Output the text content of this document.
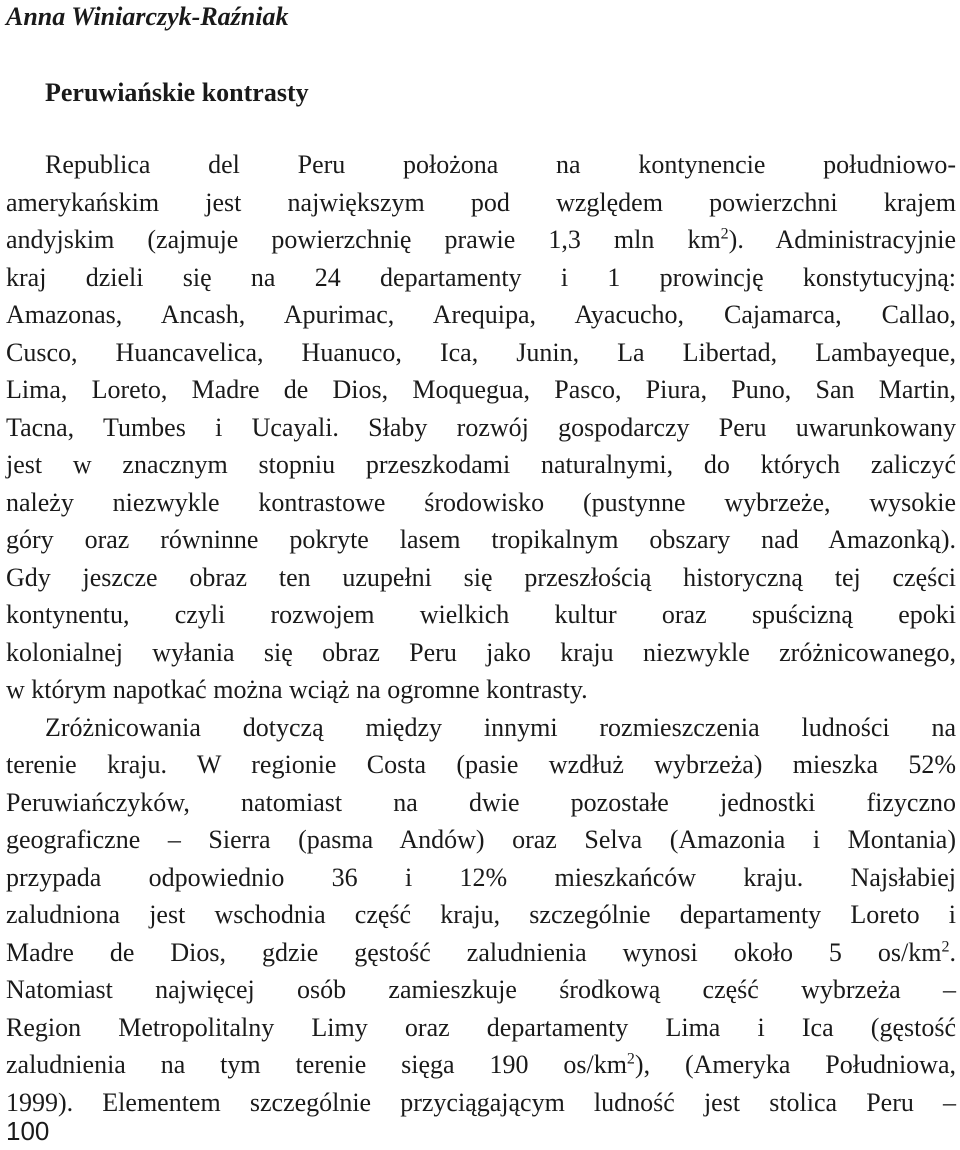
Anna Winiarczyk-Raźniak
Peruwiańskie kontrasty
Republica del Peru położona na kontynencie południowo-
amerykańskim jest największym pod względem powierzchni krajem
andyjskim (zajmuje powierzchnię prawie 1,3 mln $km^2$). Administracyjnie
kraj dzieli się na 24 departamenty i 1 prowincję konstytucyjną:
Amazonas, Ancash, Apurimac, Arequipa, Ayacucho, Cajamarca, Callao,
Cusco, Huancavelica, Huanuco, Ica, Junin, La Libertad, Lambayeque,
Lima, Loreto, Madre de Dios, Moquegua, Pasco, Piura, Puno, San Martin,
Tacna, Tumbes i Ucayali. Słaby rozwój gospodarczy Peru uwarunkowany
jest w znacznym stopniu przeszkodami naturalnymi, do których zaliczyć
należy niezwykle kontrastowe środowisko (pustynne wybrzeże, wysokie
góry oraz równinne pokryte lasem tropikalnym obszary nad Amazonką).
Gdy jeszcze obraz ten uzupełni się przeszłością historyczną tej części
kontynentu, czyli rozwojem wielkich kultur oraz spuścizną epoki
kolonialnej wyłania się obraz Peru jako kraju niezwykle zróżnicowanego,
w którym napotkać można wciąż na ogromne kontrasty.
Zróżnicowania dotyczą między innymi rozmieszczenia ludności na
terenie kraju. W regionie Costa (pasie wzdłuż wybrzeża) mieszka 52%
Peruwiańczyków, natomiast na dwie pozostałe jednostki fizyczno
geograficzne – Sierra (pasma Andów) oraz Selva (Amazonia i Montania)
przypada odpowiednio 36 i 12% mieszkańców kraju. Najsłabiej
zaludniona jest wschodnia część kraju, szczególnie departamenty Loreto i
Madre de Dios, gdzie gęstość zaludnienia wynosi około 5 $os/km^2$.
Natomiast najwięcej osób zamieszkuje środkową część wybrzeża –
Region Metropolitalny Limy oraz departamenty Lima i Ica (gęstość
zaludnienia na tym terenie sięga 190 $os/km^2$), (Ameryka Południowa,
1999). Elementem szczególnie przyciągającym ludność jest stolica Peru –
100
